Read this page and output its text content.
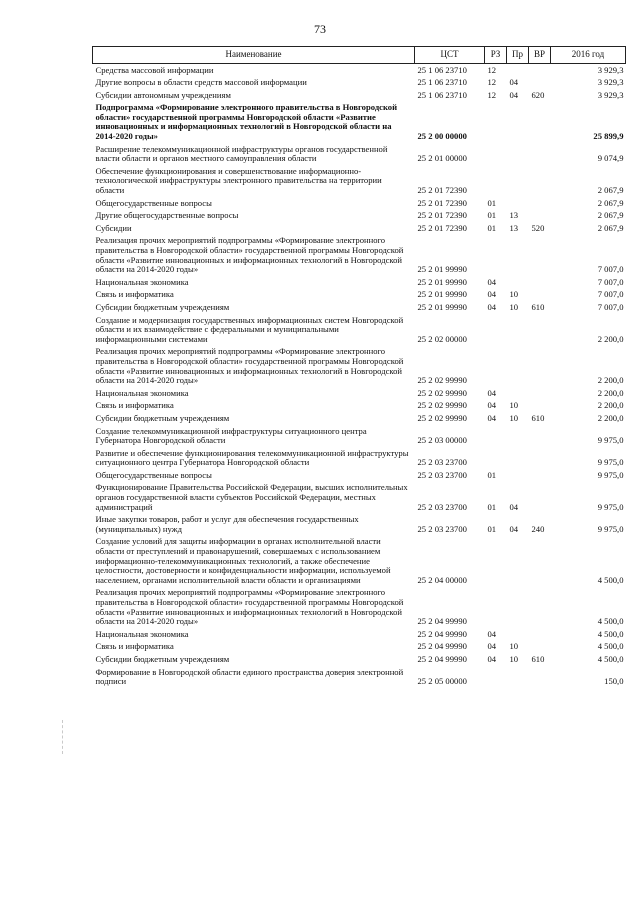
73
Наименование	ЦСТ	РЗ	Пр	ВР	2016 год
Средства массовой информации	25 1 06 23710	12			3 929,3
Другие вопросы в области средств массовой информации	25 1 06 23710	12	04		3 929,3
Субсидии автономным учреждениям	25 1 06 23710	12	04	620	3 929,3
Подпрограмма «Формирование электронного правительства в Новгородской области» государственной программы Новгородской области «Развитие инновационных и информационных технологий в Новгородской области на 2014-2020 годы»	25 2 00 00000				25 899,9
Расширение телекоммуникационной инфраструктуры органов государственной власти области и органов местного самоуправления области	25 2 01 00000				9 074,9
Обеспечение функционирования и совершенствование информационно-технологической инфраструктуры электронного правительства на территории области	25 2 01 72390				2 067,9
Общегосударственные вопросы	25 2 01 72390	01			2 067,9
Другие общегосударственные вопросы	25 2 01 72390	01	13		2 067,9
Субсидии	25 2 01 72390	01	13	520	2 067,9
Реализация прочих мероприятий подпрограммы «Формирование электронного правительства в Новгородской области» государственной программы Новгородской области «Развитие инновационных и информационных технологий в Новгородской области на 2014-2020 годы»	25 2 01 99990				7 007,0
Национальная экономика	25 2 01 99990	04			7 007,0
Связь и информатика	25 2 01 99990	04	10		7 007,0
Субсидии бюджетным учреждениям	25 2 01 99990	04	10	610	7 007,0
Создание и модернизация государственных информационных систем Новгородской области и их взаимодействие с федеральными и муниципальными информационными системами	25 2 02 00000				2 200,0
Реализация прочих мероприятий подпрограммы «Формирование электронного правительства в Новгородской области» государственной программы Новгородской области «Развитие инновационных и информационных технологий в Новгородской области на 2014-2020 годы»	25 2 02 99990				2 200,0
Национальная экономика	25 2 02 99990	04			2 200,0
Связь и информатика	25 2 02 99990	04	10		2 200,0
Субсидии бюджетным учреждениям	25 2 02 99990	04	10	610	2 200,0
Создание телекоммуникационной инфраструктуры ситуационного центра Губернатора Новгородской области	25 2 03 00000				9 975,0
Развитие и обеспечение функционирования телекоммуникационной инфраструктуры ситуационного центра Губернатора Новгородской области	25 2 03 23700				9 975,0
Общегосударственные вопросы	25 2 03 23700	01			9 975,0
Функционирование Правительства Российской Федерации, высших исполнительных органов государственной власти субъектов Российской Федерации, местных администраций	25 2 03 23700	01	04		9 975,0
Иные закупки товаров, работ и услуг для обеспечения государственных (муниципальных) нужд	25 2 03 23700	01	04	240	9 975,0
Создание условий для защиты информации в органах исполнительной власти области от преступлений и правонарушений, совершаемых с использованием информационно-телекоммуникационных технологий, а также обеспечение целостности, достоверности и конфиденциальности информации, используемой населением, органами исполнительной власти области и организациями	25 2 04 00000				4 500,0
Реализация прочих мероприятий подпрограммы «Формирование электронного правительства в Новгородской области» государственной программы Новгородской области «Развитие инновационных и информационных технологий в Новгородской области на 2014-2020 годы»	25 2 04 99990				4 500,0
Национальная экономика	25 2 04 99990	04			4 500,0
Связь и информатика	25 2 04 99990	04	10		4 500,0
Субсидии бюджетным учреждениям	25 2 04 99990	04	10	610	4 500,0
Формирование в Новгородской области единого пространства доверия электронной подписи	25 2 05 00000				150,0
